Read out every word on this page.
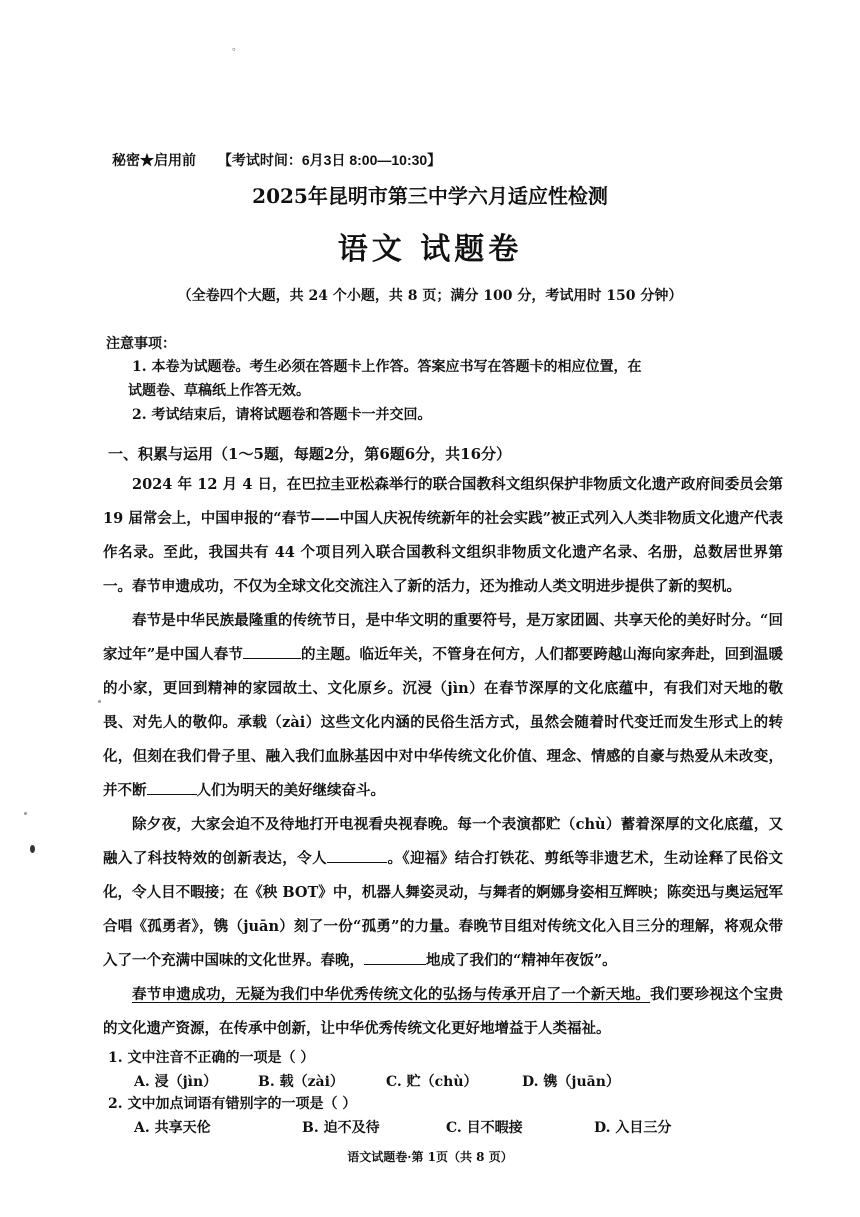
。
秘密★启用前 【考试时间：6月3日 8:00—10:30】
2025年昆明市第三中学六月适应性检测
语文 试题卷
（全卷四个大题，共 24 个小题，共 8 页；满分 100 分，考试用时 150 分钟）
注意事项：
1. 本卷为试题卷。考生必须在答题卡上作答。答案应书写在答题卡的相应位置，在
试题卷、草稿纸上作答无效。
2. 考试结束后，请将试题卷和答题卡一并交回。
一、积累与运用（1～5题，每题2分，第6题6分，共16分）

2024 年 12 月 4 日，在巴拉圭亚松森举行的联合国教科文组织保护非物质文化遗产政府间委员会第 19 届常会上，中国申报的“春节——中国人庆祝传统新年的社会实践”被正式列入人类非物质文化遗产代表作名录。至此，我国共有 44 个项目列入联合国教科文组织非物质文化遗产名录、名册，总数居世界第一。春节申遗成功，不仅为全球文化交流注入了新的活力，还为推动人类文明进步提供了新的契机。

春节是中华民族最隆重的传统节日，是中华文明的重要符号，是万家团圆、共享天伦的美好时分。“回家过年”是中国人春节	的主题。临近年关，不管身在何方，人们都要跨越山海向家奔赴，回到温暖的小家，更回到精神的家园故土、文化原乡。沉浸（jìn）在春节深厚的文化底蕴中，有我们对天地的敬畏、对先人的敬仰。承载（zài）这些文化内涵的民俗生活方式，虽然会随着时代变迁而发生形式上的转化，但刻在我们骨子里、融入我们血脉基因中对中华传统文化价值、理念、情感的自豪与热爱从未改变，并不断	人们为明天的美好继续奋斗。

除夕夜，大家会迫不及待地打开电视看央视春晚。每一个表演都贮（chù）蓄着深厚的文化底蕴，又融入了科技特效的创新表达，令人	。《迎福》结合打铁花、剪纸等非遗艺术，生动诠释了民俗文化，令人目不暇接；在《秧 BOT》中，机器人舞姿灵动，与舞者的婀娜身姿相互辉映；陈奕迅与奥运冠军合唱《孤勇者》，镌（juān）刻了一份“孤勇”的力量。春晚节目组对传统文化入目三分的理解，将观众带入了一个充满中国味的文化世界。春晚，	地成了我们的“精神年夜饭”。

春节申遗成功，无疑为我们中华优秀传统文化的弘扬与传承开启了一个新天地。我们要珍视这个宝贵的文化遗产资源，在传承中创新，让中华优秀传统文化更好地增益于人类福祉。

1. 文中注音不正确的一项是（ ）
A. 浸（jìn）	B. 载（zài）	C. 贮（chù）	D. 镌（juān）
2. 文中加点词语有错别字的一项是（ ）
A. 共享天伦	B. 迫不及待	C. 目不暇接	D. 入目三分
语文试题卷·第 1页（共 8 页）
